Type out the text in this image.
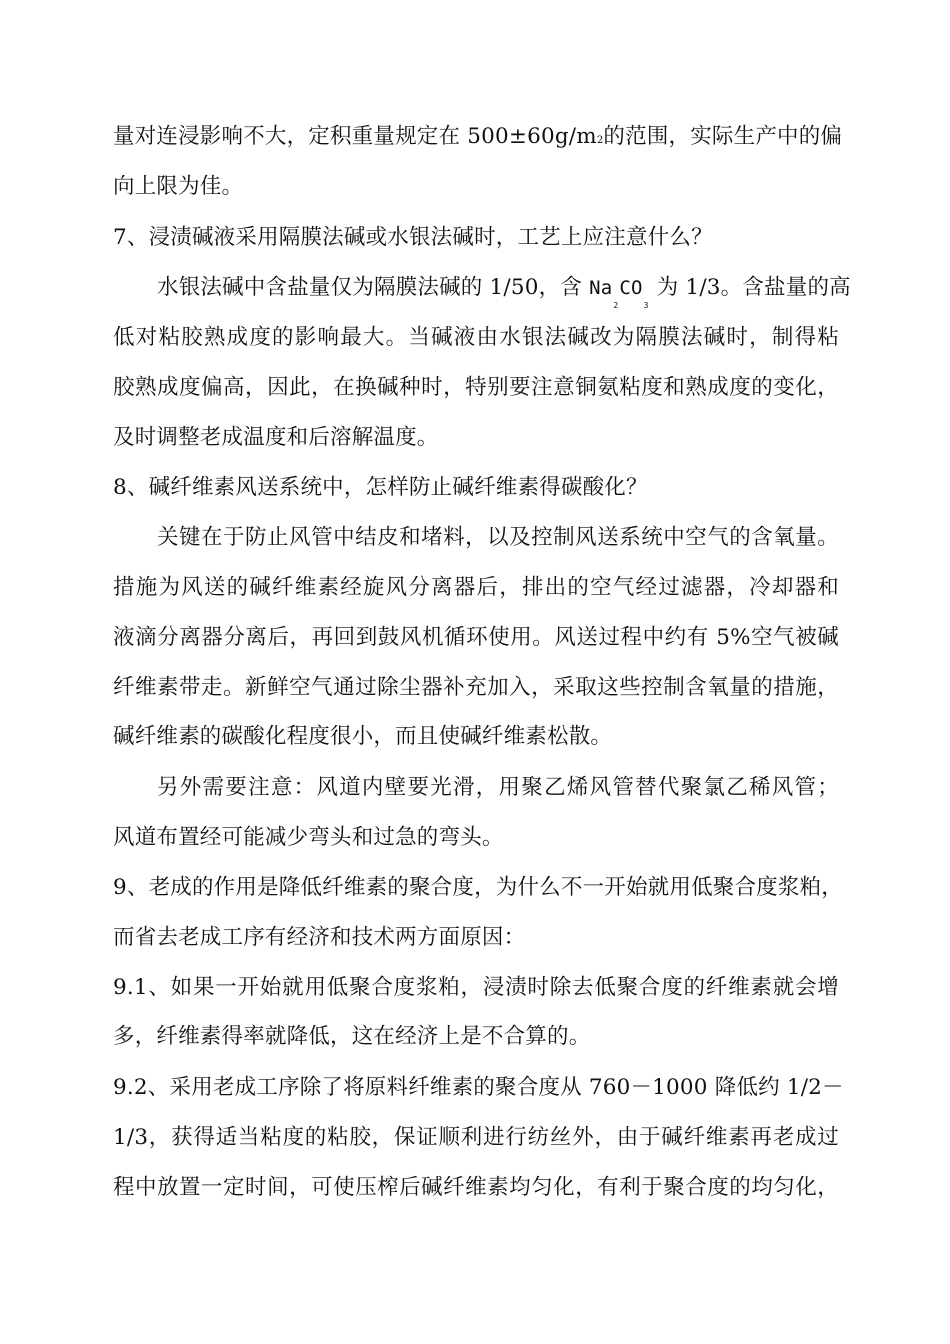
量对连浸影响不大，定积重量规定在 500±60g/m2的范围，实际生产中的偏
向上限为佳。
7、浸渍碱液采用隔膜法碱或水银法碱时，工艺上应注意什么？
水银法碱中含盐量仅为隔膜法碱的 1/50，含 $Na_2CO_3$ 为 1/3。含盐量的高
低对粘胶熟成度的影响最大。当碱液由水银法碱改为隔膜法碱时，制得粘
胶熟成度偏高，因此，在换碱种时，特别要注意铜氨粘度和熟成度的变化，
及时调整老成温度和后溶解温度。
8、碱纤维素风送系统中，怎样防止碱纤维素得碳酸化？
关键在于防止风管中结皮和堵料，以及控制风送系统中空气的含氧量。
措施为风送的碱纤维素经旋风分离器后，排出的空气经过滤器，冷却器和
液滴分离器分离后，再回到鼓风机循环使用。风送过程中约有 5%空气被碱
纤维素带走。新鲜空气通过除尘器补充加入，采取这些控制含氧量的措施，
碱纤维素的碳酸化程度很小，而且使碱纤维素松散。
另外需要注意：风道内壁要光滑，用聚乙烯风管替代聚氯乙稀风管；
风道布置经可能减少弯头和过急的弯头。
9、老成的作用是降低纤维素的聚合度，为什么不一开始就用低聚合度浆粕，
而省去老成工序有经济和技术两方面原因：
9.1、如果一开始就用低聚合度浆粕，浸渍时除去低聚合度的纤维素就会增
多，纤维素得率就降低，这在经济上是不合算的。
9.2、采用老成工序除了将原料纤维素的聚合度从 760－1000 降低约 1/2－
1/3，获得适当粘度的粘胶，保证顺利进行纺丝外，由于碱纤维素再老成过
程中放置一定时间，可使压榨后碱纤维素均匀化，有利于聚合度的均匀化，
